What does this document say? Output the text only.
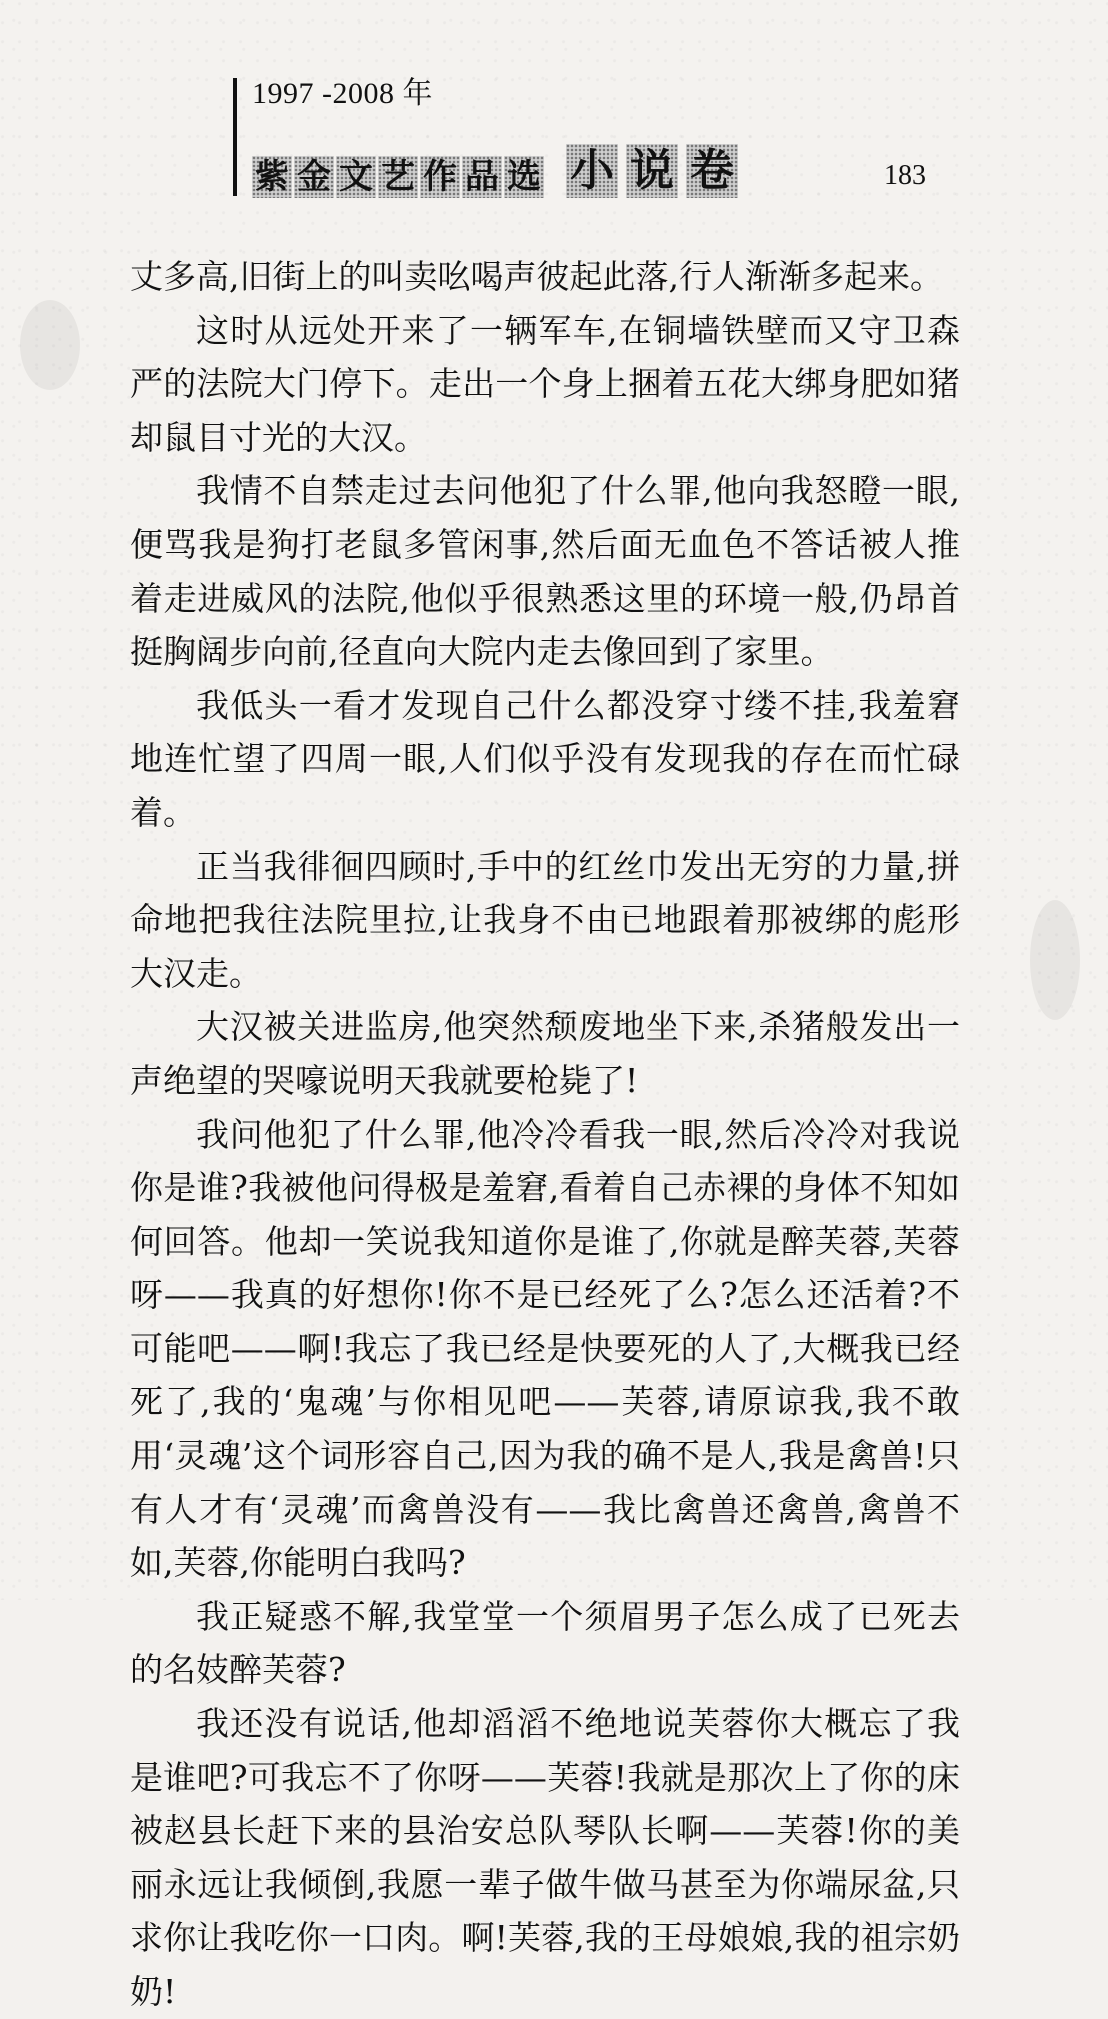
1997 -2008 年
紫 金 文 艺 作 品 选 小 说 卷	183

丈多高,旧街上的叫卖吆喝声彼起此落,行人渐渐多起来。

这时从远处开来了一辆军车,在铜墙铁壁而又守卫森严的法院大门停下。走出一个身上捆着五花大绑身肥如猪却鼠目寸光的大汉。

我情不自禁走过去问他犯了什么罪,他向我怒瞪一眼,便骂我是狗打老鼠多管闲事,然后面无血色不答话被人推着走进威风的法院,他似乎很熟悉这里的环境一般,仍昂首挺胸阔步向前,径直向大院内走去像回到了家里。

我低头一看才发现自己什么都没穿寸缕不挂,我羞窘地连忙望了四周一眼,人们似乎没有发现我的存在而忙碌着。

正当我徘徊四顾时,手中的红丝巾发出无穷的力量,拼命地把我往法院里拉,让我身不由已地跟着那被绑的彪形大汉走。

大汉被关进监房,他突然颓废地坐下来,杀猪般发出一声绝望的哭嚎说明天我就要枪毙了!

我问他犯了什么罪,他冷冷看我一眼,然后冷冷对我说你是谁?我被他问得极是羞窘,看着自己赤裸的身体不知如何回答。他却一笑说我知道你是谁了,你就是醉芙蓉,芙蓉呀——我真的好想你!你不是已经死了么?怎么还活着?不可能吧——啊!我忘了我已经是快要死的人了,大概我已经死了,我的‘鬼魂’与你相见吧——芙蓉,请原谅我,我不敢用‘灵魂’这个词形容自己,因为我的确不是人,我是禽兽!只有人才有‘灵魂’而禽兽没有——我比禽兽还禽兽,禽兽不如,芙蓉,你能明白我吗?

我正疑惑不解,我堂堂一个须眉男子怎么成了已死去的名妓醉芙蓉?

我还没有说话,他却滔滔不绝地说芙蓉你大概忘了我是谁吧?可我忘不了你呀——芙蓉!我就是那次上了你的床被赵县长赶下来的县治安总队琴队长啊——芙蓉!你的美丽永远让我倾倒,我愿一辈子做牛做马甚至为你端尿盆,只求你让我吃你一口肉。啊!芙蓉,我的王母娘娘,我的祖宗奶奶!
